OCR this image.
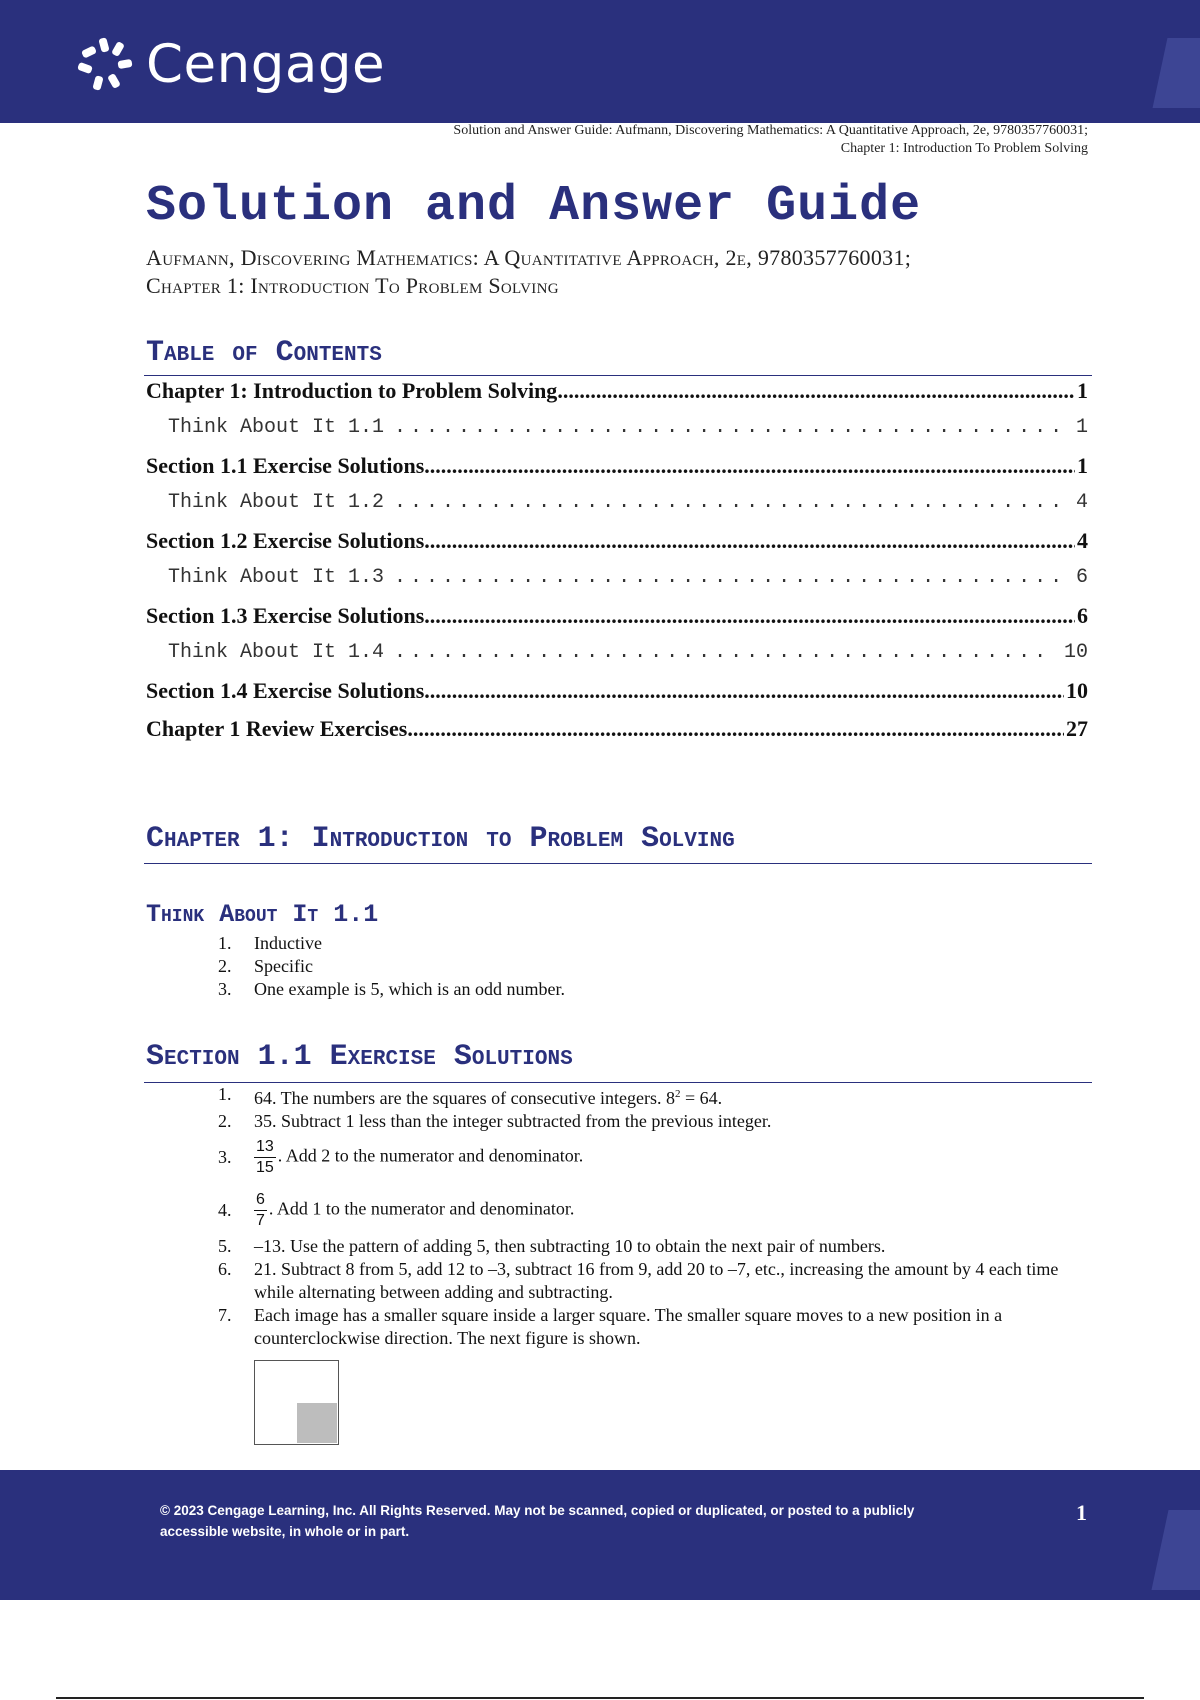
Cengage
Solution and Answer Guide: Aufmann, Discovering Mathematics: A Quantitative Approach, 2e, 9780357760031;
Chapter 1: Introduction To Problem Solving
Solution and Answer Guide
Aufmann, Discovering Mathematics: A Quantitative Approach, 2e, 9780357760031;
Chapter 1: Introduction To Problem Solving
Table of Contents
Chapter 1: Introduction to Problem Solving .....	1
Think About It 1.1 .....	1
Section 1.1 Exercise Solutions .....	1
Think About It 1.2 .....	4
Section 1.2 Exercise Solutions .....	4
Think About It 1.3 .....	6
Section 1.3 Exercise Solutions .....	6
Think About It 1.4 .....	10
Section 1.4 Exercise Solutions .....	10
Chapter 1 Review Exercises .....	27
Chapter 1: Introduction to Problem Solving
Think About It 1.1
1.	Inductive
2.	Specific
3.	One example is 5, which is an odd number.
Section 1.1 Exercise Solutions
1.	64. The numbers are the squares of consecutive integers. $8^2 = 64$.
2.	35. Subtract 1 less than the integer subtracted from the previous integer.
3.	$\frac{13}{15}$ . Add 2 to the numerator and denominator.
4.	$\frac{6}{7}$ . Add 1 to the numerator and denominator.
5.	–13. Use the pattern of adding 5, then subtracting 10 to obtain the next pair of numbers.
6.	21. Subtract 8 from 5, add 12 to –3, subtract 16 from 9, add 20 to –7, etc., increasing the amount by 4 each time while alternating between adding and subtracting.
7.	Each image has a smaller square inside a larger square. The smaller square moves to a new position in a counterclockwise direction. The next figure is shown.
© 2023 Cengage Learning, Inc. All Rights Reserved. May not be scanned, copied or duplicated, or posted to a publicly accessible website, in whole or in part.
1
